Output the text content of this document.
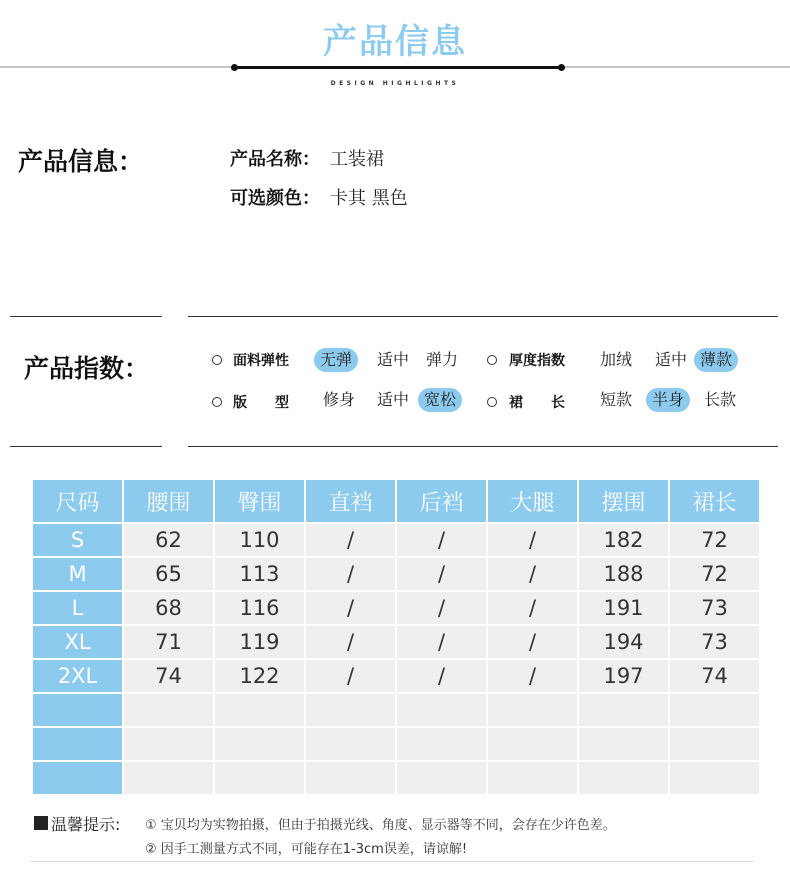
产品信息
DESIGN HIGHLIGHTS
产品信息：	产品名称： 工装裙
可选颜色： 卡其 黑色
产品指数：	面料弹性	无弹	适中 弹力	厚度指数 加绒 适中 薄款
版　　型 修身 适中 宽松	裙　　长 短款	半身	长款
尺码	腰围	臀围	直裆	后裆	大腿	摆围	裙长
S	62	110	/	/	/	182	72
M	65	113	/	/	/	188	72
L	68	116	/	/	/	191	73
XL	71	119	/	/	/	194	73
2XL	74	122	/	/	/	197	74

温馨提示: ① 宝贝均为实物拍摄，但由于拍摄光线、角度、显示器等不同，会存在少许色差。
② 因手工测量方式不同，可能存在1-3cm误差，请谅解!
